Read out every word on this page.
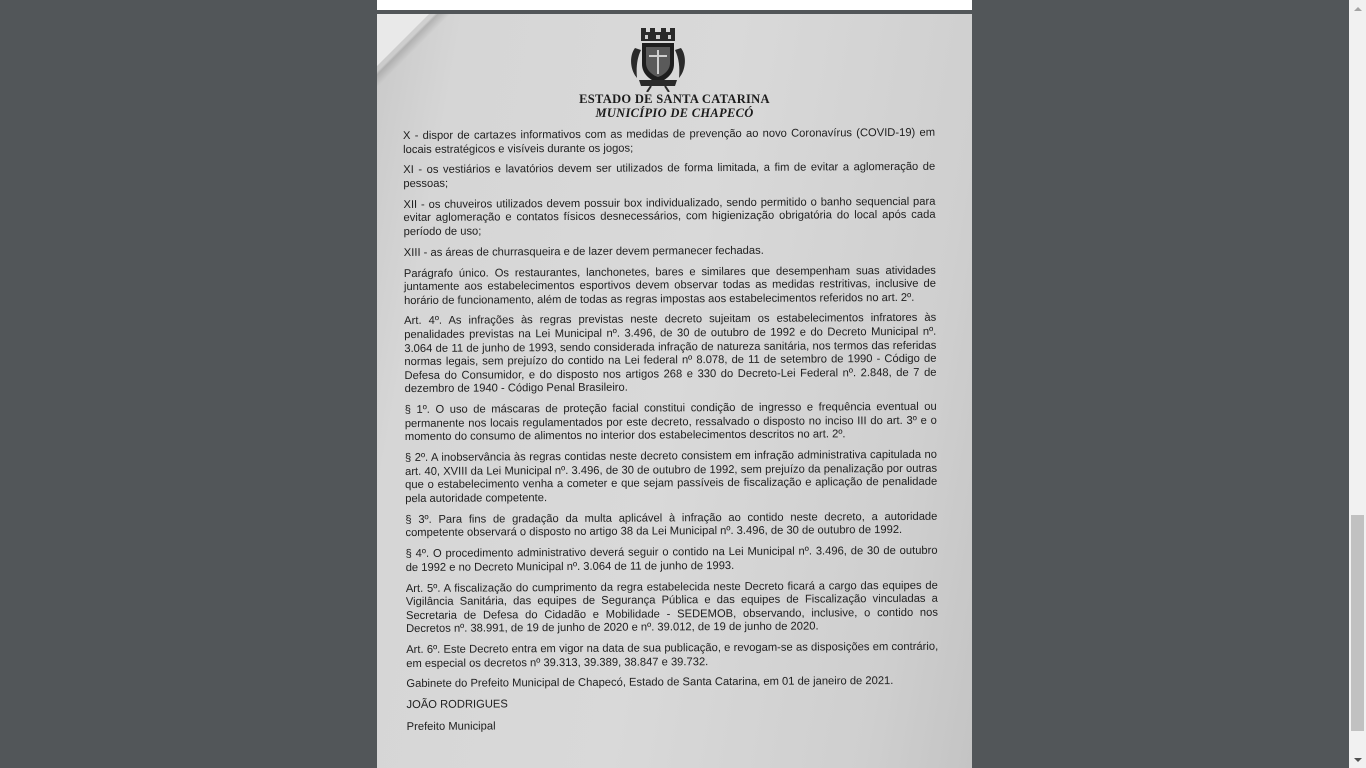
ESTADO DE SANTA CATARINA
MUNICÍPIO DE CHAPECÓ

X - dispor de cartazes informativos com as medidas de prevenção ao novo Coronavírus (COVID-19) em locais estratégicos e visíveis durante os jogos;

XI - os vestiários e lavatórios devem ser utilizados de forma limitada, a fim de evitar a aglomeração de pessoas;

XII - os chuveiros utilizados devem possuir box individualizado, sendo permitido o banho sequencial para evitar aglomeração e contatos físicos desnecessários, com higienização obrigatória do local após cada período de uso;

XIII - as áreas de churrasqueira e de lazer devem permanecer fechadas.

Parágrafo único. Os restaurantes, lanchonetes, bares e similares que desempenham suas atividades juntamente aos estabelecimentos esportivos devem observar todas as medidas restritivas, inclusive de horário de funcionamento, além de todas as regras impostas aos estabelecimentos referidos no art. 2º.

Art. 4º. As infrações às regras previstas neste decreto sujeitam os estabelecimentos infratores às penalidades previstas na Lei Municipal nº. 3.496, de 30 de outubro de 1992 e do Decreto Municipal nº. 3.064 de 11 de junho de 1993, sendo considerada infração de natureza sanitária, nos termos das referidas normas legais, sem prejuízo do contido na Lei federal nº 8.078, de 11 de setembro de 1990 - Código de Defesa do Consumidor, e do disposto nos artigos 268 e 330 do Decreto-Lei Federal nº. 2.848, de 7 de dezembro de 1940 - Código Penal Brasileiro.

§ 1º. O uso de máscaras de proteção facial constitui condição de ingresso e frequência eventual ou permanente nos locais regulamentados por este decreto, ressalvado o disposto no inciso III do art. 3º e o momento do consumo de alimentos no interior dos estabelecimentos descritos no art. 2º.

§ 2º. A inobservância às regras contidas neste decreto consistem em infração administrativa capitulada no art. 40, XVIII da Lei Municipal nº. 3.496, de 30 de outubro de 1992, sem prejuízo da penalização por outras que o estabelecimento venha a cometer e que sejam passíveis de fiscalização e aplicação de penalidade pela autoridade competente.

§ 3º. Para fins de gradação da multa aplicável à infração ao contido neste decreto, a autoridade competente observará o disposto no artigo 38 da Lei Municipal nº. 3.496, de 30 de outubro de 1992.

§ 4º. O procedimento administrativo deverá seguir o contido na Lei Municipal nº. 3.496, de 30 de outubro de 1992 e no Decreto Municipal nº. 3.064 de 11 de junho de 1993.

Art. 5º. A fiscalização do cumprimento da regra estabelecida neste Decreto ficará a cargo das equipes de Vigilância Sanitária, das equipes de Segurança Pública e das equipes de Fiscalização vinculadas a Secretaria de Defesa do Cidadão e Mobilidade - SEDEMOB, observando, inclusive, o contido nos Decretos nº. 38.991, de 19 de junho de 2020 e nº. 39.012, de 19 de junho de 2020.

Art. 6º. Este Decreto entra em vigor na data de sua publicação, e revogam-se as disposições em contrário, em especial os decretos nº 39.313, 39.389, 38.847 e 39.732.

Gabinete do Prefeito Municipal de Chapecó, Estado de Santa Catarina, em 01 de janeiro de 2021.

JOÃO RODRIGUES

Prefeito Municipal
